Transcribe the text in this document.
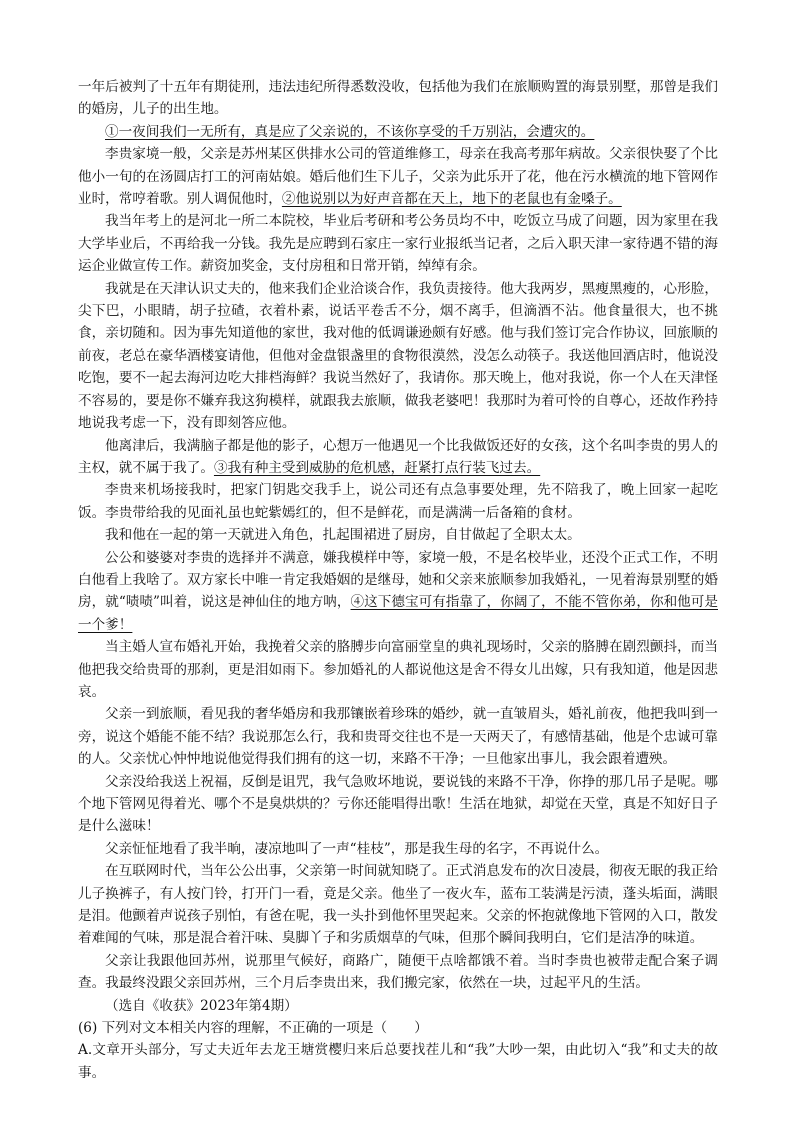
一年后被判了十五年有期徒刑，违法违纪所得悉数没收，包括他为我们在旅顺购置的海景别墅，那曾是我们的婚房，儿子的出生地。

①一夜间我们一无所有，真是应了父亲说的，不该你享受的千万别沾，会遭灾的。

李贵家境一般，父亲是苏州某区供排水公司的管道维修工，母亲在我高考那年病故。父亲很快娶了个比他小一旬的在汤圆店打工的河南姑娘。婚后他们生下儿子，父亲为此乐开了花，他在污水横流的地下管网作业时，常哼着歌。别人调侃他时，②他说别以为好声音都在天上，地下的老鼠也有金嗓子。

我当年考上的是河北一所二本院校，毕业后考研和考公务员均不中，吃饭立马成了问题，因为家里在我大学毕业后，不再给我一分钱。我先是应聘到石家庄一家行业报纸当记者，之后入职天津一家待遇不错的海运企业做宣传工作。薪资加奖金，支付房租和日常开销，绰绰有余。

我就是在天津认识丈夫的，他来我们企业洽谈合作，我负责接待。他大我两岁，黑瘦黑瘦的，心形脸，尖下巴，小眼睛，胡子拉碴，衣着朴素，说话平卷舌不分，烟不离手，但滴酒不沾。他食量很大，也不挑食，亲切随和。因为事先知道他的家世，我对他的低调谦逊颇有好感。他与我们签订完合作协议，回旅顺的前夜，老总在豪华酒楼宴请他，但他对金盘银盏里的食物很漠然，没怎么动筷子。我送他回酒店时，他说没吃饱，要不一起去海河边吃大排档海鲜？我说当然好了，我请你。那天晚上，他对我说，你一个人在天津怪不容易的，要是你不嫌弃我这狗模样，就跟我去旅顺，做我老婆吧！我那时为着可怜的自尊心，还故作矜持地说我考虑一下，没有即刻答应他。

他离津后，我满脑子都是他的影子，心想万一他遇见一个比我做饭还好的女孩，这个名叫李贵的男人的主权，就不属于我了。③我有种主受到威胁的危机感，赶紧打点行装飞过去。

李贵来机场接我时，把家门钥匙交我手上，说公司还有点急事要处理，先不陪我了，晚上回家一起吃饭。李贵带给我的见面礼虽也蛇紫嫣红的，但不是鲜花，而是满满一后备箱的食材。

我和他在一起的第一天就进入角色，扎起围裙进了厨房，自甘做起了全职太太。

公公和婆婆对李贵的选择并不满意，嫌我模样中等，家境一般，不是名校毕业，还没个正式工作，不明白他看上我啥了。双方家长中唯一肯定我婚姻的是继母，她和父亲来旅顺参加我婚礼，一见着海景别墅的婚房，就“啧啧”叫着，说这是神仙住的地方呐，④这下德宝可有指靠了，你阔了，不能不管你弟，你和他可是一个爹！

当主婚人宣布婚礼开始，我挽着父亲的胳膊步向富丽堂皇的典礼现场时，父亲的胳膊在剧烈颤抖，而当他把我交给贵哥的那刹，更是泪如雨下。参加婚礼的人都说他这是舍不得女儿出嫁，只有我知道，他是因悲哀。

父亲一到旅顺，看见我的奢华婚房和我那镶嵌着珍珠的婚纱，就一直皱眉头，婚礼前夜，他把我叫到一旁，说这个婚能不能不结？我说那怎么行，我和贵哥交往也不是一天两天了，有感情基础，他是个忠诚可靠的人。父亲忧心忡忡地说他觉得我们拥有的这一切，来路不干净；一旦他家出事儿，我会跟着遭殃。

父亲没给我送上祝福，反倒是诅咒，我气急败坏地说，要说钱的来路不干净，你挣的那几吊子是呢。哪个地下管网见得着光、哪个不是臭烘烘的？亏你还能唱得出歌！生活在地狱，却觉在天堂，真是不知好日子是什么滋味！

父亲怔怔地看了我半晌，凄凉地叫了一声“桂枝”，那是我生母的名字，不再说什么。

在互联网时代，当年公公出事，父亲第一时间就知晓了。正式消息发布的次日凌晨，彻夜无眠的我正给儿子换裤子，有人按门铃，打开门一看，竟是父亲。他坐了一夜火车，蓝布工装满是污渍，蓬头垢面，满眼是泪。他颤着声说孩子别怕，有爸在呢，我一头扑到他怀里哭起来。父亲的怀抱就像地下管网的入口，散发着难闻的气味，那是混合着汗味、臭脚丫子和劣质烟草的气味，但那个瞬间我明白，它们是洁净的味道。

父亲让我跟他回苏州，说那里气候好，商路广，随便干点啥都饿不着。当时李贵也被带走配合案子调查。我最终没跟父亲回苏州，三个月后李贵出来，我们搬完家，依然在一块，过起平凡的生活。

（选自《收获》2023年第4期）

(6) 下列对文本相关内容的理解，不正确的一项是（　　）

A.文章开头部分，写丈夫近年去龙王塘赏樱归来后总要找茬儿和“我”大吵一架，由此切入“我”和丈夫的故事。
